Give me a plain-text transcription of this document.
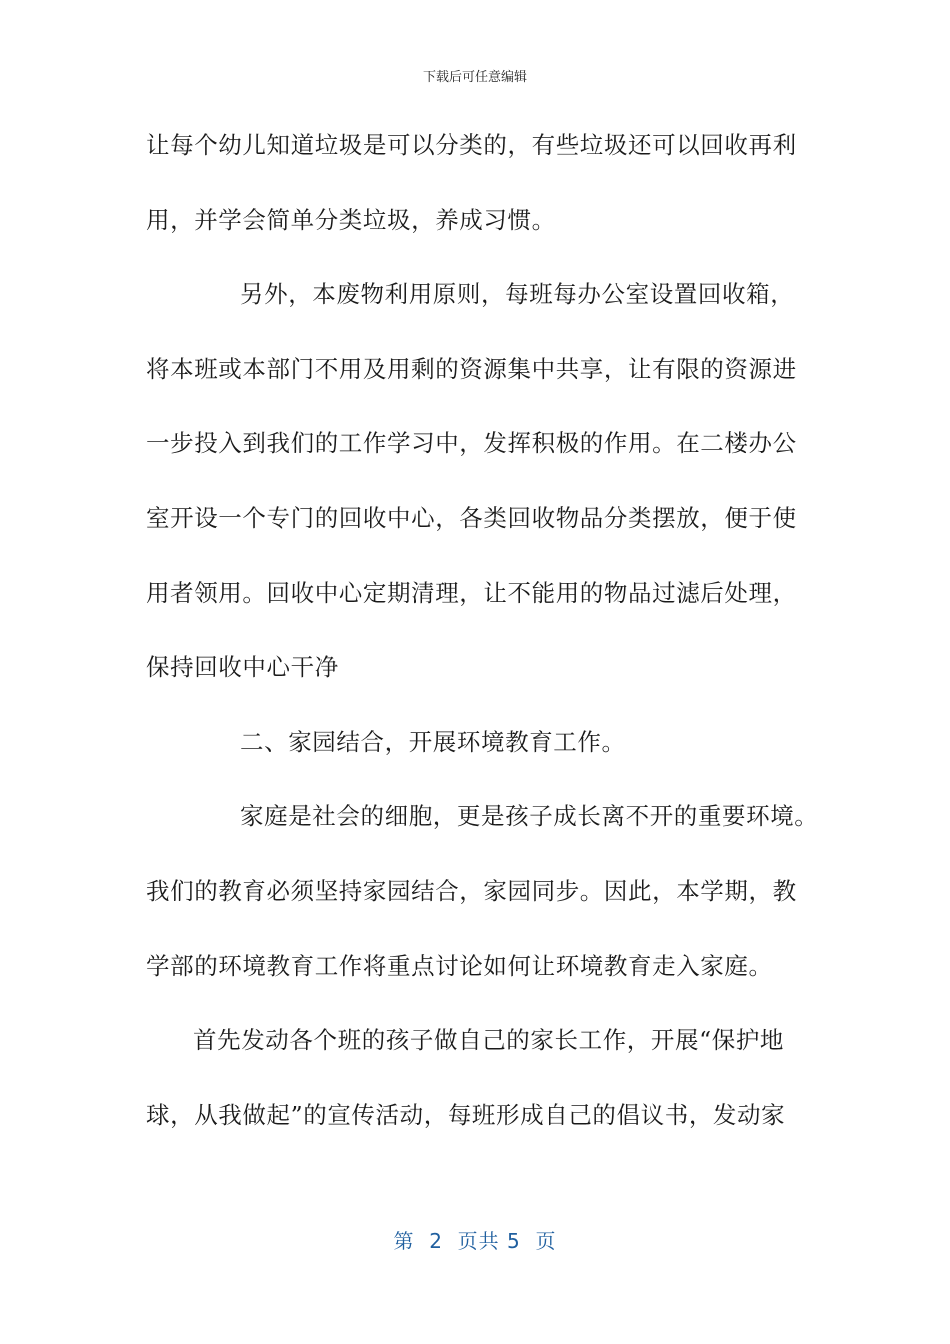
下载后可任意编辑
让每个幼儿知道垃圾是可以分类的，有些垃圾还可以回收再利
用，并学会简单分类垃圾，养成习惯。
另外，本废物利用原则，每班每办公室设置回收箱，
将本班或本部门不用及用剩的资源集中共享，让有限的资源进
一步投入到我们的工作学习中，发挥积极的作用。在二楼办公
室开设一个专门的回收中心，各类回收物品分类摆放，便于使
用者领用。回收中心定期清理，让不能用的物品过滤后处理，
保持回收中心干净
二、家园结合，开展环境教育工作。
家庭是社会的细胞，更是孩子成长离不开的重要环境。
我们的教育必须坚持家园结合，家园同步。因此，本学期，教
学部的环境教育工作将重点讨论如何让环境教育走入家庭。
首先发动各个班的孩子做自己的家长工作，开展“保护地
球，从我做起”的宣传活动，每班形成自己的倡议书，发动家
第  2  页共 5  页
